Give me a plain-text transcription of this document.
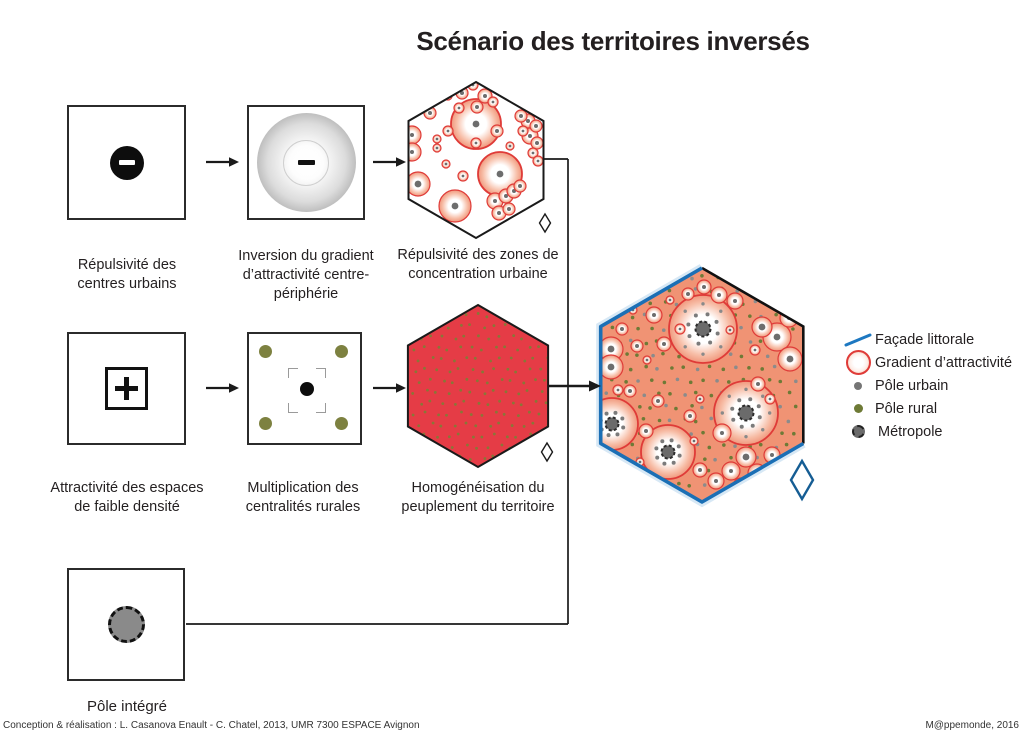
Scénario des territoires inversés
Répulsivité des centres urbains
Inversion du gradient d’attractivité centre-périphérie
Répulsivité des zones de concentration urbaine
Attractivité des espaces de faible densité
Multiplication des centralités rurales
Homogénéisation du peuplement du territoire
Pôle intégré
Façade littorale
Gradient d’attractivité
Pôle urbain
Pôle rural
Métropole
Conception & réalisation : L. Casanova Enault - C. Chatel, 2013, UMR 7300 ESPACE Avignon	M@ppemonde, 2016
